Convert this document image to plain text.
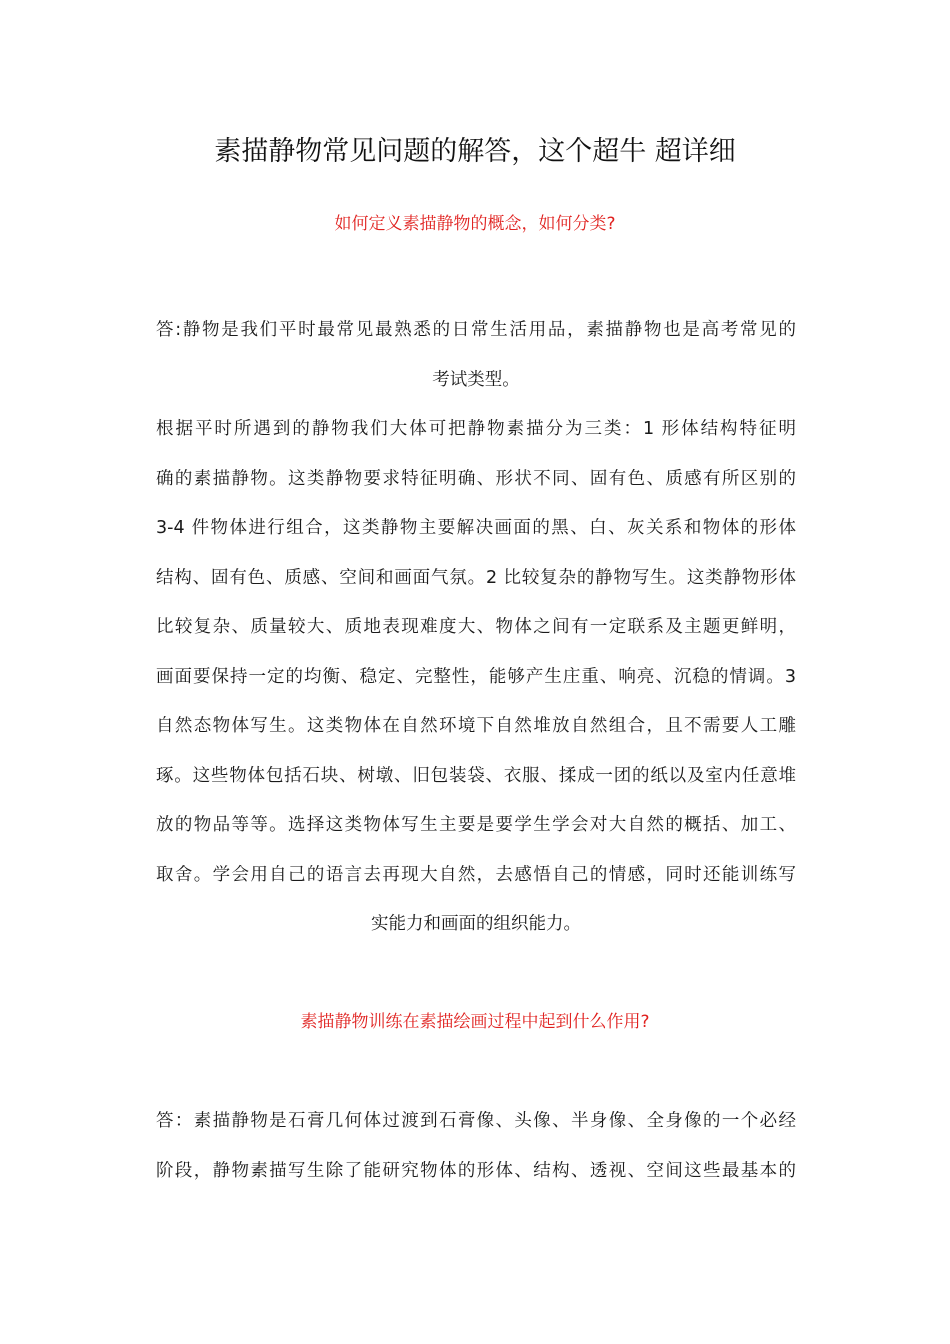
素描静物常见问题的解答，这个超牛 超详细
如何定义素描静物的概念，如何分类?
答:静物是我们平时最常见最熟悉的日常生活用品，素描静物也是高考常见的
考试类型。
根据平时所遇到的静物我们大体可把静物素描分为三类：1 形体结构特征明
确的素描静物。这类静物要求特征明确、形状不同、固有色、质感有所区别的
3-4 件物体进行组合，这类静物主要解决画面的黑、白、灰关系和物体的形体
结构、固有色、质感、空间和画面气氛。2 比较复杂的静物写生。这类静物形体
比较复杂、质量较大、质地表现难度大、物体之间有一定联系及主题更鲜明，
画面要保持一定的均衡、稳定、完整性，能够产生庄重、响亮、沉稳的情调。3
自然态物体写生。这类物体在自然环境下自然堆放自然组合，且不需要人工雕
琢。这些物体包括石块、树墩、旧包装袋、衣服、揉成一团的纸以及室内任意堆
放的物品等等。选择这类物体写生主要是要学生学会对大自然的概括、加工、
取舍。学会用自己的语言去再现大自然，去感悟自己的情感，同时还能训练写
实能力和画面的组织能力。
素描静物训练在素描绘画过程中起到什么作用?
答：素描静物是石膏几何体过渡到石膏像、头像、半身像、全身像的一个必经
阶段，静物素描写生除了能研究物体的形体、结构、透视、空间这些最基本的
